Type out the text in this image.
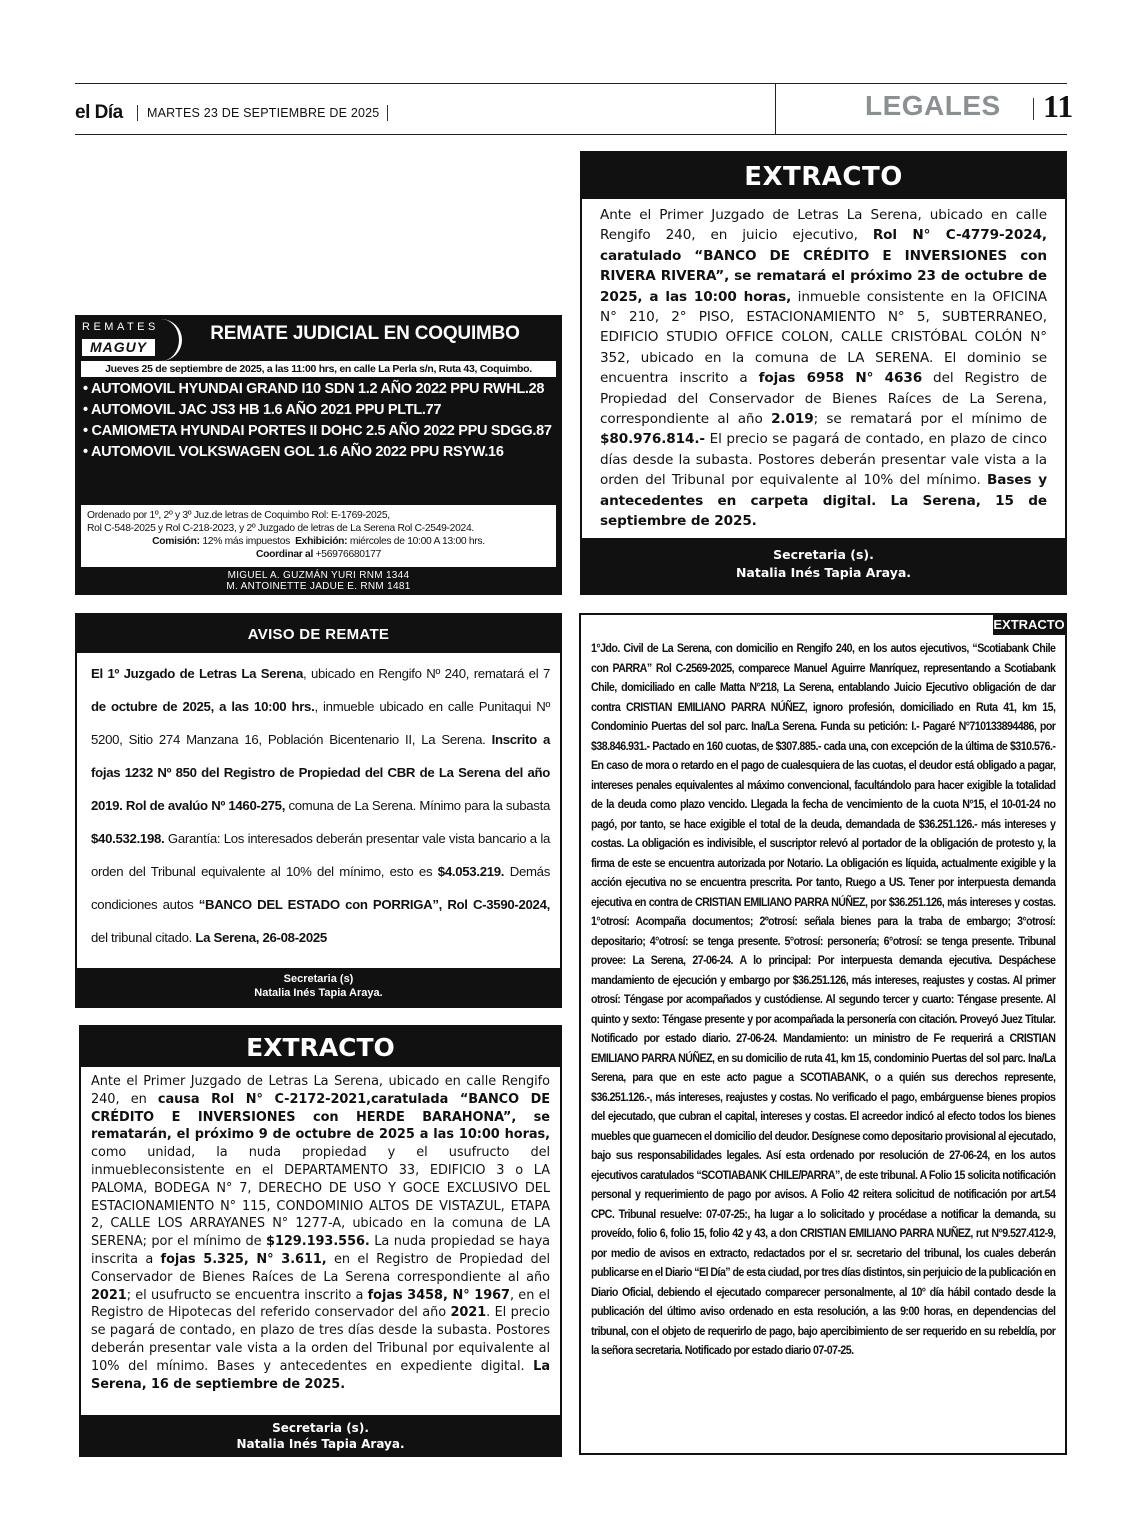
el Día MARTES 23 DE SEPTIEMBRE DE 2025	LEGALES 11
EXTRACTO
Ante el Primer Juzgado de Letras La Serena, ubicado en calle Rengifo 240, en juicio ejecutivo, Rol N° C-4779-2024, caratulado “BANCO DE CRÉDITO E INVERSIONES con RIVERA RIVERA”, se rematará el próximo 23 de octubre de 2025, a las 10:00 horas, inmueble consistente en la OFICINA N° 210, 2° PISO, ESTACIONAMIENTO N° 5, SUBTERRANEO, EDIFICIO STUDIO OFFICE COLON, CALLE CRISTÓBAL COLÓN N° 352, ubicado en la comuna de LA SERENA. El dominio se encuentra inscrito a fojas 6958 N° 4636 del Registro de Propiedad del Conservador de Bienes Raíces de La Serena, correspondiente al año 2.019; se rematará por el mínimo de $80.976.814.- El precio se pagará de contado, en plazo de cinco días desde la subasta. Postores deberán presentar vale vista a la orden del Tribunal por equivalente al 10% del mínimo. Bases y antecedentes en carpeta digital. La Serena, 15 de septiembre de 2025.
Secretaria (s).
Natalia Inés Tapia Araya.
REMATES
MAGUY
REMATE JUDICIAL EN COQUIMBO
Jueves 25 de septiembre de 2025, a las 11:00 hrs, en calle La Perla s/n, Ruta 43, Coquimbo.
• AUTOMOVIL HYUNDAI GRAND I10 SDN 1.2 AÑO 2022 PPU RWHL.28
• AUTOMOVIL JAC JS3 HB 1.6 AÑO 2021 PPU PLTL.77
• CAMIOMETA HYUNDAI PORTES II DOHC 2.5 AÑO 2022 PPU SDGG.87
• AUTOMOVIL VOLKSWAGEN GOL 1.6 AÑO 2022 PPU RSYW.16
Ordenado por 1º, 2º y 3º Juz.de letras de Coquimbo Rol: E-1769-2025,
Rol C-548-2025 y Rol C-218-2023, y 2º Juzgado de letras de La Serena Rol C-2549-2024.
Comisión: 12% más impuestos Exhibición: miércoles de 10:00 A 13:00 hrs.
Coordinar al +56976680177
MIGUEL A. GUZMÁN YURI RNM 1344
M. ANTOINETTE JADUE E. RNM 1481
AVISO DE REMATE
El 1º Juzgado de Letras La Serena, ubicado en Rengifo Nº 240, rematará el 7 de octubre de 2025, a las 10:00 hrs., inmueble ubicado en calle Punitaqui Nº 5200, Sitio 274 Manzana 16, Población Bicentenario II, La Serena. Inscrito a fojas 1232 Nº 850 del Registro de Propiedad del CBR de La Serena del año 2019. Rol de avalúo Nº 1460-275, comuna de La Serena. Mínimo para la subasta $40.532.198. Garantía: Los interesados deberán presentar vale vista bancario a la orden del Tribunal equivalente al 10% del mínimo, esto es $4.053.219. Demás condiciones autos “BANCO DEL ESTADO con PORRIGA”, Rol C-3590-2024, del tribunal citado. La Serena, 26-08-2025
Secretaria (s)
Natalia Inés Tapia Araya.
EXTRACTO
Ante el Primer Juzgado de Letras La Serena, ubicado en calle Rengifo 240, en causa Rol N° C-2172-2021,caratulada “BANCO DE CRÉDITO E INVERSIONES con HERDE BARAHONA”, se rematarán, el próximo 9 de octubre de 2025 a las 10:00 horas, como unidad, la nuda propiedad y el usufructo del inmuebleconsistente en el DEPARTAMENTO 33, EDIFICIO 3 o LA PALOMA, BODEGA N° 7, DERECHO DE USO Y GOCE EXCLUSIVO DEL ESTACIONAMIENTO N° 115, CONDOMINIO ALTOS DE VISTAZUL, ETAPA 2, CALLE LOS ARRAYANES N° 1277-A, ubicado en la comuna de LA SERENA; por el mínimo de $129.193.556. La nuda propiedad se haya inscrita a fojas 5.325, N° 3.611, en el Registro de Propiedad del Conservador de Bienes Raíces de La Serena correspondiente al año 2021; el usufructo se encuentra inscrito a fojas 3458, N° 1967, en el Registro de Hipotecas del referido conservador del año 2021. El precio se pagará de contado, en plazo de tres días desde la subasta. Postores deberán presentar vale vista a la orden del Tribunal por equivalente al 10% del mínimo. Bases y antecedentes en expediente digital. La Serena, 16 de septiembre de 2025.
Secretaria (s).
Natalia Inés Tapia Araya.
EXTRACTO
1°Jdo. Civil de La Serena, con domicilio en Rengifo 240, en los autos ejecutivos, “Scotiabank Chile con PARRA” Rol C-2569-2025, comparece Manuel Aguirre Manríquez, representando a Scotiabank Chile, domiciliado en calle Matta N°218, La Serena, entablando Juicio Ejecutivo obligación de dar contra CRISTIAN EMILIANO PARRA NÚÑEZ, ignoro profesión, domiciliado en Ruta 41, km 15, Condominio Puertas del sol parc. Ina/La Serena. Funda su petición: I.- Pagaré N°710133894486, por $38.846.931.- Pactado en 160 cuotas, de $307.885.- cada una, con excepción de la última de $310.576.- En caso de mora o retardo en el pago de cualesquiera de las cuotas, el deudor está obligado a pagar, intereses penales equivalentes al máximo convencional, facultándolo para hacer exigible la totalidad de la deuda como plazo vencido. Llegada la fecha de vencimiento de la cuota N°15, el 10-01-24 no pagó, por tanto, se hace exigible el total de la deuda, demandada de $36.251.126.- más intereses y costas. La obligación es indivisible, el suscriptor relevó al portador de la obligación de protesto y, la firma de este se encuentra autorizada por Notario. La obligación es líquida, actualmente exigible y la acción ejecutiva no se encuentra prescrita. Por tanto, Ruego a US. Tener por interpuesta demanda ejecutiva en contra de CRISTIAN EMILIANO PARRA NÚÑEZ, por $36.251.126, más intereses y costas. 1°otrosí: Acompaña documentos; 2ºotrosí: señala bienes para la traba de embargo; 3°otrosí: depositario; 4°otrosí: se tenga presente. 5°otrosí: personería; 6°otrosí: se tenga presente. Tribunal provee: La Serena, 27-06-24. A lo principal: Por interpuesta demanda ejecutiva. Despáchese mandamiento de ejecución y embargo por $36.251.126, más intereses, reajustes y costas. Al primer otrosí: Téngase por acompañados y custódiense. Al segundo tercer y cuarto: Téngase presente. Al quinto y sexto: Téngase presente y por acompañada la personería con citación. Proveyó Juez Titular. Notificado por estado diario. 27-06-24. Mandamiento: un ministro de Fe requerirá a CRISTIAN EMILIANO PARRA NÚÑEZ, en su domicilio de ruta 41, km 15, condominio Puertas del sol parc. Ina/La Serena, para que en este acto pague a SCOTIABANK, o a quién sus derechos represente, $36.251.126.-, más intereses, reajustes y costas. No verificado el pago, embárguense bienes propios del ejecutado, que cubran el capital, intereses y costas. El acreedor indicó al efecto todos los bienes muebles que guarnecen el domicilio del deudor. Desígnese como depositario provisional al ejecutado, bajo sus responsabilidades legales. Así esta ordenado por resolución de 27-06-24, en los autos ejecutivos caratulados “SCOTIABANK CHILE/PARRA”, de este tribunal. A Folio 15 solicita notificación personal y requerimiento de pago por avisos. A Folio 42 reitera solicitud de notificación por art.54 CPC. Tribunal resuelve: 07-07-25:, ha lugar a lo solicitado y procédase a notificar la demanda, su proveído, folio 6, folio 15, folio 42 y 43, a don CRISTIAN EMILIANO PARRA NUÑEZ, rut N°9.527.412-9, por medio de avisos en extracto, redactados por el sr. secretario del tribunal, los cuales deberán publicarse en el Diario “El Día” de esta ciudad, por tres días distintos, sin perjuicio de la publicación en Diario Oficial, debiendo el ejecutado comparecer personalmente, al 10° día hábil contado desde la publicación del último aviso ordenado en esta resolución, a las 9:00 horas, en dependencias del tribunal, con el objeto de requerirlo de pago, bajo apercibimiento de ser requerido en su rebeldía, por la señora secretaria. Notificado por estado diario 07-07-25.
